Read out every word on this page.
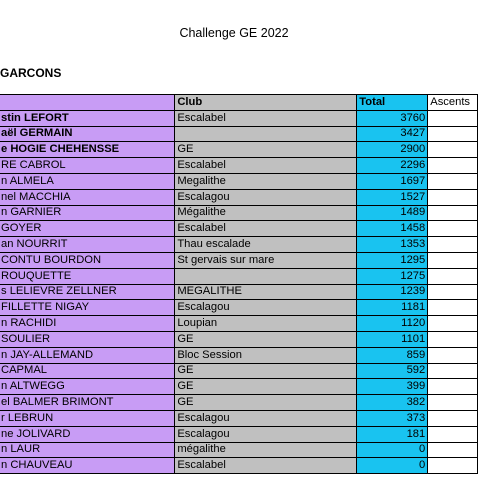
Challenge GE 2022
GARCONS
	Club	Total	Ascents
stin LEFORT	Escalabel	3760	
aël GERMAIN		3427	
e HOGIE CHEHENSSE	GE	2900	
RE CABROL	Escalabel	2296	
n ALMELA	Megalithe	1697	
nel MACCHIA	Escalagou	1527	
n GARNIER	Mégalithe	1489	
GOYER	Escalabel	1458	
an NOURRIT	Thau escalade	1353	
CONTU BOURDON	St gervais sur mare	1295	
ROUQUETTE		1275	
s LELIEVRE ZELLNER	MEGALITHE	1239	
FILLETTE NIGAY	Escalagou	1181	
n RACHIDI	Loupian	1120	
SOULIER	GE	1101	
n JAY-ALLEMAND	Bloc Session	859	
CAPMAL	GE	592	
n ALTWEGG	GE	399	
el BALMER BRIMONT	GE	382	
r LEBRUN	Escalagou	373	
ne JOLIVARD	Escalagou	181	
n LAUR	mégalithe	0	
n CHAUVEAU	Escalabel	0	
